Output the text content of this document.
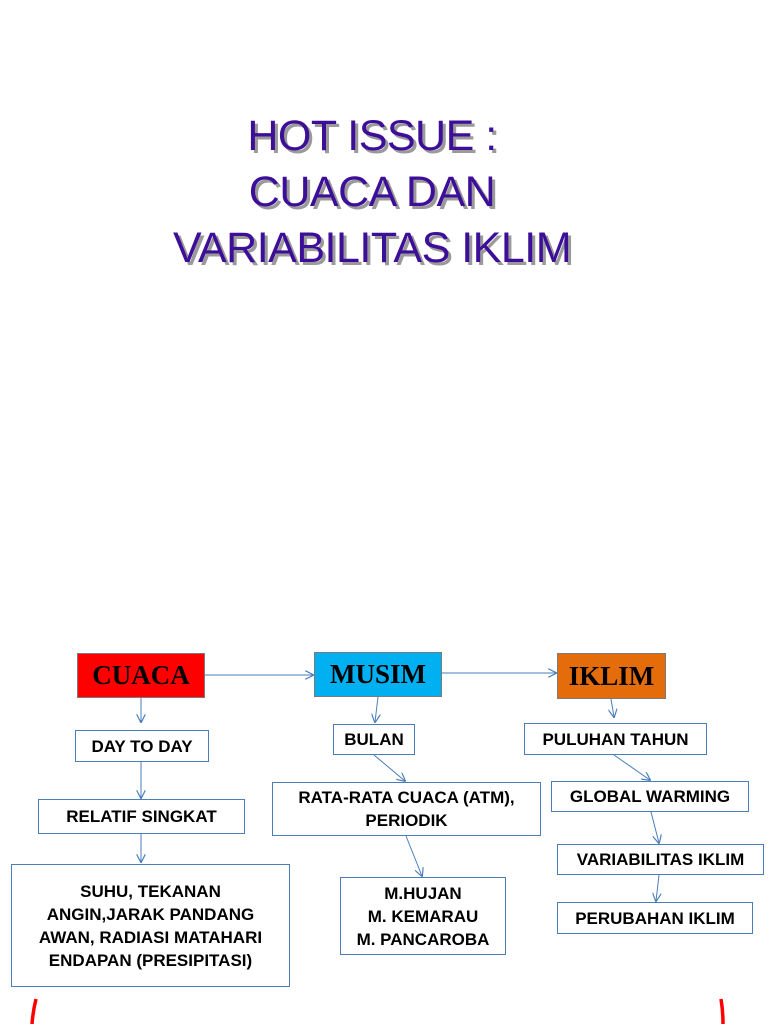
HOT ISSUE :
CUACA DAN
VARIABILITAS IKLIM
CUACA
DAY TO DAY
RELATIF SINGKAT
SUHU, TEKANAN
ANGIN,JARAK PANDANG
AWAN, RADIASI MATAHARI
ENDAPAN (PRESIPITASI)
MUSIM
BULAN
RATA-RATA CUACA (ATM),
PERIODIK
M.HUJAN
M. KEMARAU
M. PANCAROBA
IKLIM
PULUHAN TAHUN
GLOBAL WARMING
VARIABILITAS IKLIM
PERUBAHAN IKLIM
